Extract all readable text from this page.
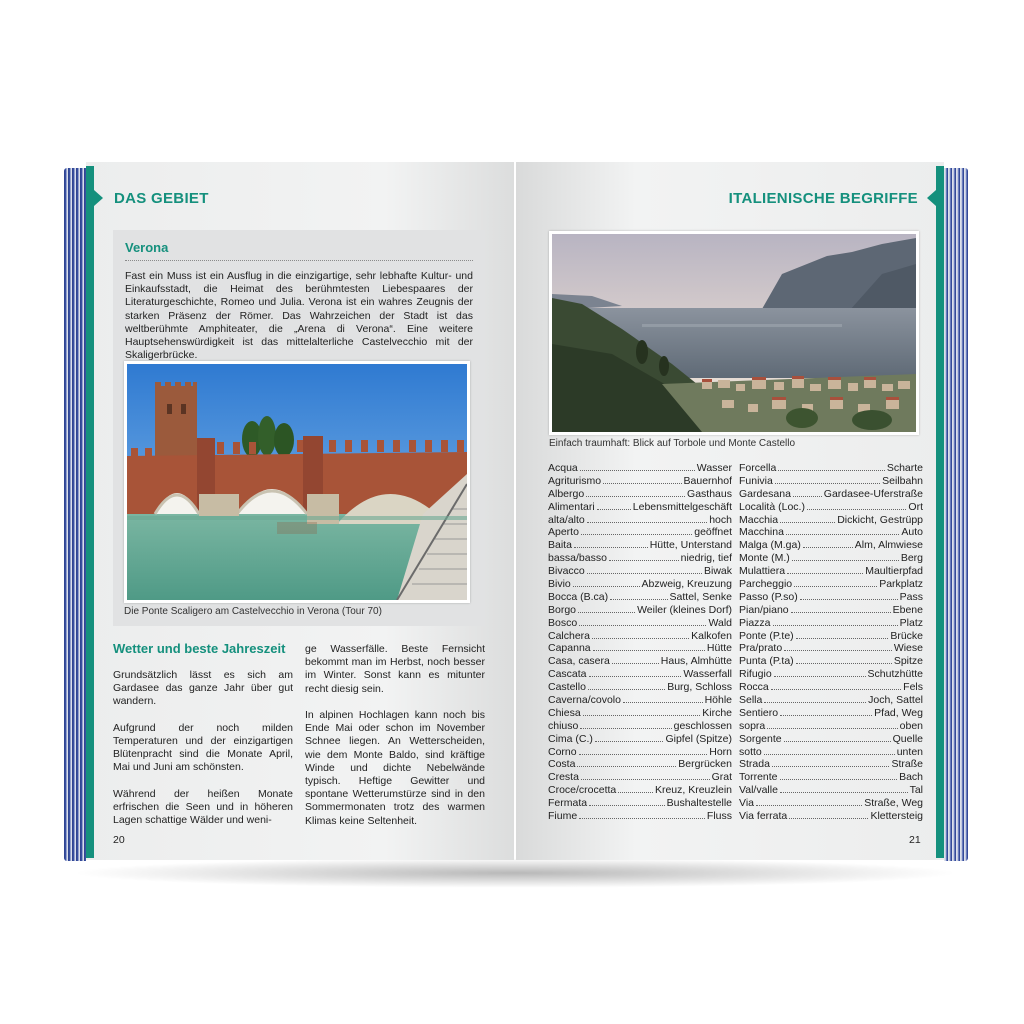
DAS GEBIET
Verona
Fast ein Muss ist ein Ausflug in die einzigartige, sehr lebhafte Kultur- und Einkaufsstadt, die Heimat des berühmtesten Liebespaares der Literaturgeschichte, Romeo und Julia. Verona ist ein wahres Zeugnis der starken Präsenz der Römer. Das Wahrzeichen der Stadt ist das weltberühmte Amphiteater, die „Arena di Verona“. Eine weitere Hauptsehenswürdigkeit ist das mittelalterliche Castelvecchio mit der Skaligerbrücke.
Die Ponte Scaligero am Castelvecchio in Verona (Tour 70)
Wetter und beste Jahreszeit
Grundsätzlich lässt es sich am Gardasee das ganze Jahr über gut wandern.

Aufgrund der noch milden Temperaturen und der einzigartigen Blütenpracht sind die Monate April, Mai und Juni am schönsten.

Während der heißen Monate erfrischen die Seen und in höheren Lagen schattige Wälder und weni-
ge Wasserfälle. Beste Fernsicht bekommt man im Herbst, noch besser im Winter. Sonst kann es mitunter recht diesig sein.

In alpinen Hochlagen kann noch bis Ende Mai oder schon im November Schnee liegen. An Wetterscheiden, wie dem Monte Baldo, sind kräftige Winde und dichte Nebelwände typisch. Heftige Gewitter und spontane Wetterumstürze sind in den Sommermonaten trotz des warmen Klimas keine Seltenheit.
20
ITALIENISCHE BEGRIFFE
Einfach traumhaft: Blick auf Torbole und Monte Castello
Acqua	Wasser
Agriturismo	Bauernhof
Albergo	Gasthaus
Alimentari	Lebensmittelgeschäft
alta/alto	hoch
Aperto	geöffnet
Baita	Hütte, Unterstand
bassa/basso	niedrig, tief
Bivacco	Biwak
Bivio	Abzweig, Kreuzung
Bocca (B.ca)	Sattel, Senke
Borgo	Weiler (kleines Dorf)
Bosco	Wald
Calchera	Kalkofen
Capanna	Hütte
Casa, casera	Haus, Almhütte
Cascata	Wasserfall
Castello	Burg, Schloss
Caverna/covolo	Höhle
Chiesa	Kirche
chiuso	geschlossen
Cima (C.)	Gipfel (Spitze)
Corno	Horn
Costa	Bergrücken
Cresta	Grat
Croce/crocetta	Kreuz, Kreuzlein
Fermata	Bushaltestelle
Fiume	Fluss
Forcella	Scharte
Funivia	Seilbahn
Gardesana	Gardasee-Uferstraße
Località (Loc.)	Ort
Macchia	Dickicht, Gestrüpp
Macchina	Auto
Malga (M.ga)	Alm, Almwiese
Monte (M.)	Berg
Mulattiera	Maultierpfad
Parcheggio	Parkplatz
Passo (P.so)	Pass
Pian/piano	Ebene
Piazza	Platz
Ponte (P.te)	Brücke
Pra/prato	Wiese
Punta (P.ta)	Spitze
Rifugio	Schutzhütte
Rocca	Fels
Sella	Joch, Sattel
Sentiero	Pfad, Weg
sopra	oben
Sorgente	Quelle
sotto	unten
Strada	Straße
Torrente	Bach
Val/valle	Tal
Via	Straße, Weg
Via ferrata	Klettersteig
21
